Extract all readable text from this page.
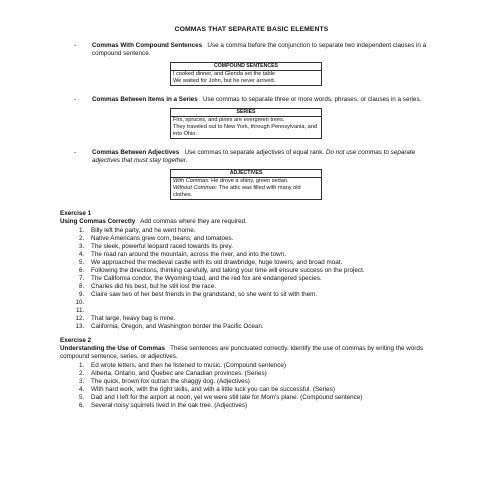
COMMAS THAT SEPARATE BASIC ELEMENTS
-	Commas With Compound Sentences Use a comma before the conjunction to separate two independent clauses in a compound sentence.
COMPOUND SENTENCES
I cooked dinner, and Glenda set the table
We waited for John, but he never arrived.
-	Commas Between Items in a Series Use commas to separate three or more words, phrases, or clauses in a series.
SERIES
Firs, spruces, and pines are evergreen trees.
They traveled out to New York, through Pennsylvania, and into Ohio.
-	Commas Between Adjectives Use commas to separate adjectives of equal rank. Do not use commas to separate adjectives that must stay together.
ADJECTIVES
With Commas: He drove a shiny, green sedan.
Without Commas: The attic was filled with many old clothes.
Exercise 1
Using Commas Correctly Add commas where they are required.
1. Billy left the party, and he went home.
2. Native Americans grew corn, beans, and tomatoes.
3. The sleek, powerful leopard raced towards its prey.
4. The road ran around the mountain, across the river, and into the town.
5. We approached the medieval castle with its old drawbridge, huge towers, and broad moat.
6. Following the directions, thinking carefully, and taking your time will ensure success on the project.
7. The California condor, the Wyoming toad, and the red fox are endangered species.
8. Charles did his best, but he still lost the race.
9. Claire saw two of her best friends in the grandstand, so she went to sit with them.
10.
11.
12. That large, heavy bag is mine.
13. California, Oregon, and Washington border the Pacific Ocean.
Exercise 2
Understanding the Use of Commas These sentences are punctuated correctly. Identify the use of commas by writing the words compound sentence, series, or adjectives.
1. Ed wrote letters, and then he listened to music. (Compound sentence)
2. Alberta, Ontario, and Quebec are Canadian provinces. (Series)
3. The quick, brown fox outran the shaggy dog. (Adjectives)
4. With hard work, with the right skills, and with a little luck you can be successful. (Series)
5. Dad and I left for the airport at noon, yet we were still late for Mom's plane. (Compound sentence)
6. Several noisy squirrels lived in the oak tree. (Adjectives)
